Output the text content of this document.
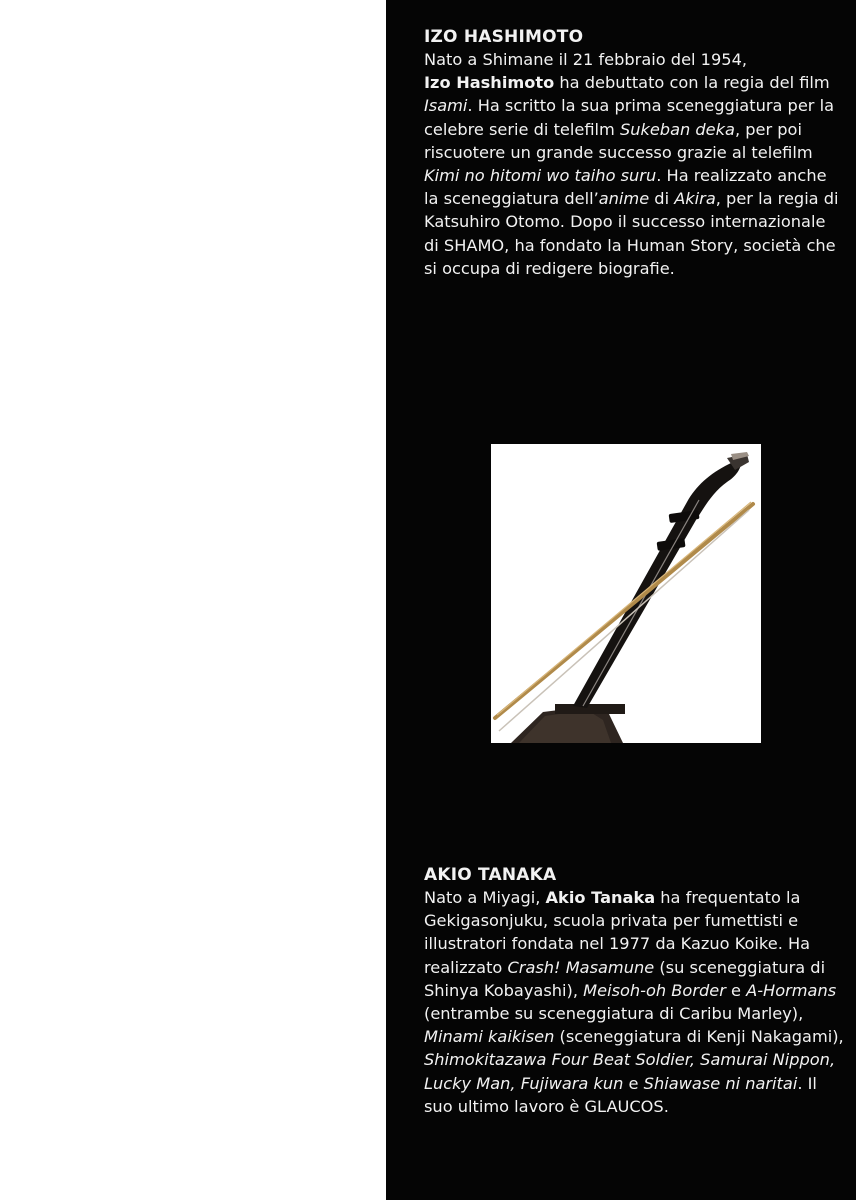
IZO HASHIMOTO

Nato a Shimane il 21 febbraio del 1954,
Izo Hashimoto ha debuttato con la regia del film Isami. Ha scritto la sua prima sceneggiatura per la celebre serie di telefilm Sukeban deka, per poi riscuotere un grande successo grazie al telefilm Kimi no hitomi wo taiho suru. Ha realizzato anche la sceneggiatura dell’anime di Akira, per la regia di Katsuhiro Otomo. Dopo il successo internazionale di SHAMO, ha fondato la Human Story, società che si occupa di redigere biografie.

AKIO TANAKA

Nato a Miyagi, Akio Tanaka ha frequentato la Gekigasonjuku, scuola privata per fumettisti e illustratori fondata nel 1977 da Kazuo Koike. Ha realizzato Crash! Masamune (su sceneggiatura di Shinya Kobayashi), Meisoh-oh Border e A-Hormans (entrambe su sceneggiatura di Caribu Marley), Minami kaikisen (sceneggiatura di Kenji Nakagami), Shimokitazawa Four Beat Soldier, Samurai Nippon, Lucky Man, Fujiwara kun e Shiawase ni naritai. Il suo ultimo lavoro è GLAUCOS.
